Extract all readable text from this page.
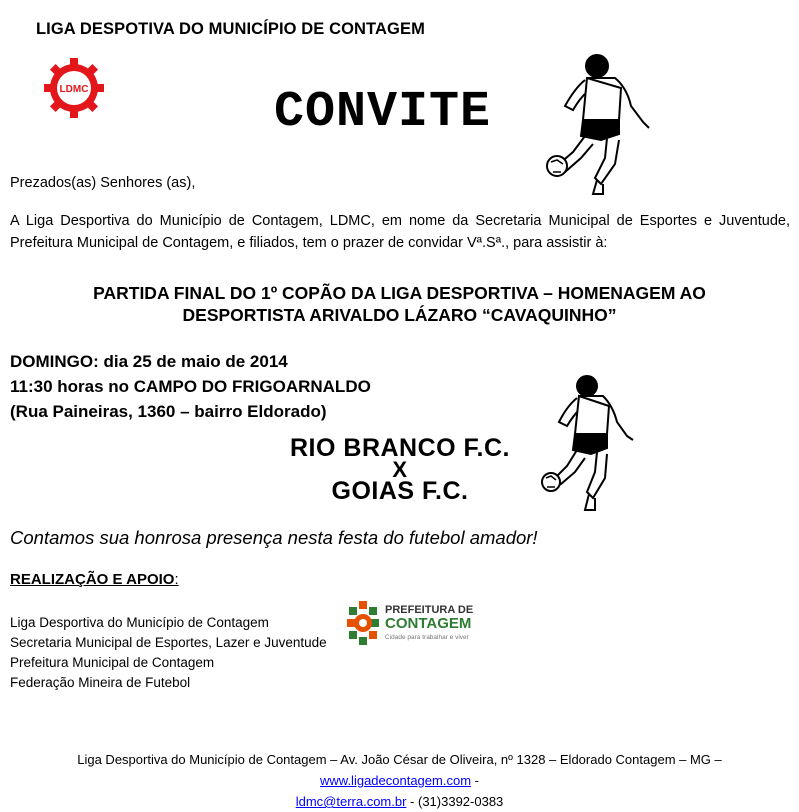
LIGA DESPOTIVA DO MUNICÍPIO DE CONTAGEM
LDMC	CONVITE
Prezados(as) Senhores (as),
A Liga Desportiva do Município de Contagem, LDMC, em nome da Secretaria Municipal de Esportes e Juventude, Prefeitura Municipal de Contagem, e filiados, tem o prazer de convidar Vª.Sª., para assistir à:
PARTIDA FINAL DO 1º COPÃO DA LIGA DESPORTIVA – HOMENAGEM AO
DESPORTISTA ARIVALDO LÁZARO “CAVAQUINHO”
DOMINGO: dia 25 de maio de 2014
11:30 horas no CAMPO DO FRIGOARNALDO
(Rua Paineiras, 1360 – bairro Eldorado)
RIO BRANCO F.C.
X
GOIAS F.C.
Contamos sua honrosa presença nesta festa do futebol amador!
REALIZAÇÃO E APOIO:
Liga Desportiva do Município de Contagem
Secretaria Municipal de Esportes, Lazer e Juventude
Prefeitura Municipal de Contagem
Federação Mineira de Futebol
PREFEITURA DE
CONTAGEM
Cidade para trabalhar e viver
Liga Desportiva do Município de Contagem – Av. João César de Oliveira, nº 1328 – Eldorado Contagem – MG – www.ligadecontagem.com -
ldmc@terra.com.br - (31)3392-0383
